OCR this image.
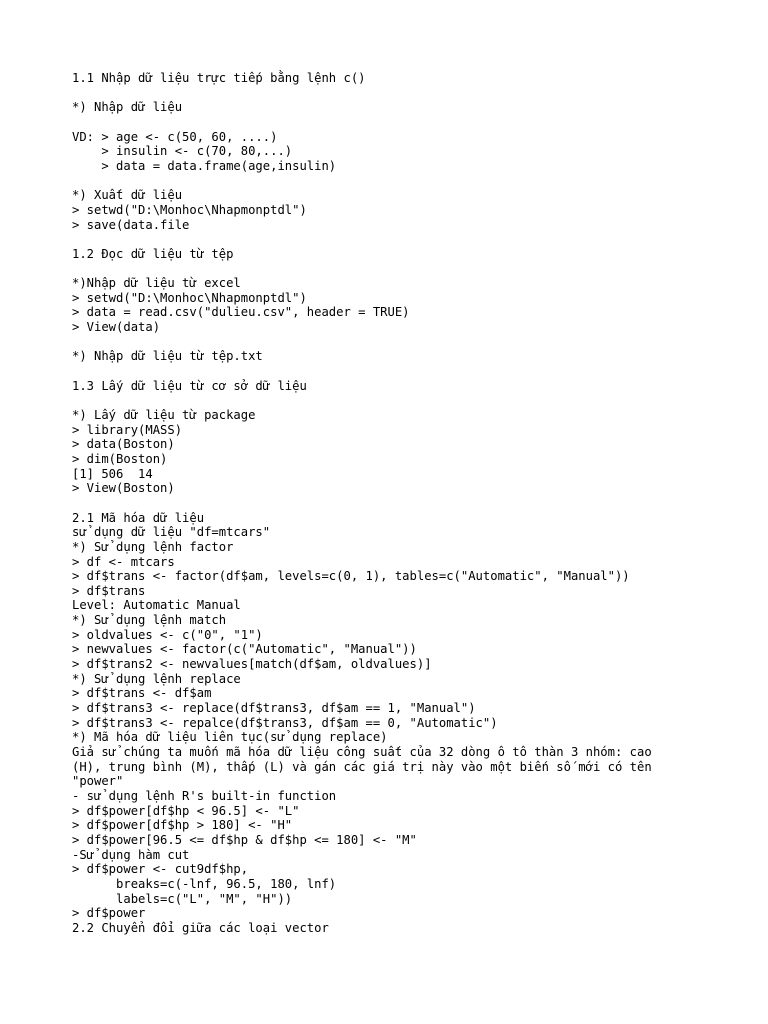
1.1 Nhập dữ liệu trực tiếp bằng lệnh c()
*) Nhập dữ liệu
VD: > age <- c(50, 60, ....)
> insulin <- c(70, 80,...)
> data = data.frame(age,insulin)
*) Xuất dữ liệu
> setwd("D:\Monhoc\Nhapmonptdl")
> save(data.file
1.2 Đọc dữ liệu từ tệp
*)Nhập dữ liệu từ excel
> setwd("D:\Monhoc\Nhapmonptdl")
> data = read.csv("dulieu.csv", header = TRUE)
> View(data)
*) Nhập dữ liệu từ tệp.txt
1.3 Lấy dữ liệu từ cơ sở dữ liệu
*) Lấy dữ liệu từ package
> library(MASS)
> data(Boston)
> dim(Boston)
[1] 506  14
> View(Boston)
2.1 Mã hóa dữ liệu
sử dụng dữ liệu "df=mtcars"
*) Sử dụng lệnh factor
> df <- mtcars
> df$trans <- factor(df$am, levels=c(0, 1), tables=c("Automatic", "Manual"))
> df$trans
Level: Automatic Manual
*) Sử dụng lệnh match
> oldvalues <- c("0", "1")
> newvalues <- factor(c("Automatic", "Manual"))
> df$trans2 <- newvalues[match(df$am, oldvalues)]
*) Sử dụng lệnh replace
> df$trans <- df$am
> df$trans3 <- replace(df$trans3, df$am == 1, "Manual")
> df$trans3 <- repalce(df$trans3, df$am == 0, "Automatic")
*) Mã hóa dữ liệu liên tục(sử dụng replace)
Giả sử chúng ta muốn mã hóa dữ liệu công suất của 32 dòng ô tô thàn 3 nhóm: cao
(H), trung bình (M), thấp (L) và gán các giá trị này vào một biến số mới có tên
"power"
- sử dụng lệnh R's built-in function
> df$power[df$hp < 96.5] <- "L"
> df$power[df$hp > 180] <- "H"
> df$power[96.5 <= df$hp & df$hp <= 180] <- "M"
-Sử dụng hàm cut
> df$power <- cut9df$hp,
breaks=c(-lnf, 96.5, 180, lnf)
labels=c("L", "M", "H"))
> df$power
2.2 Chuyển đổi giữa các loại vector
